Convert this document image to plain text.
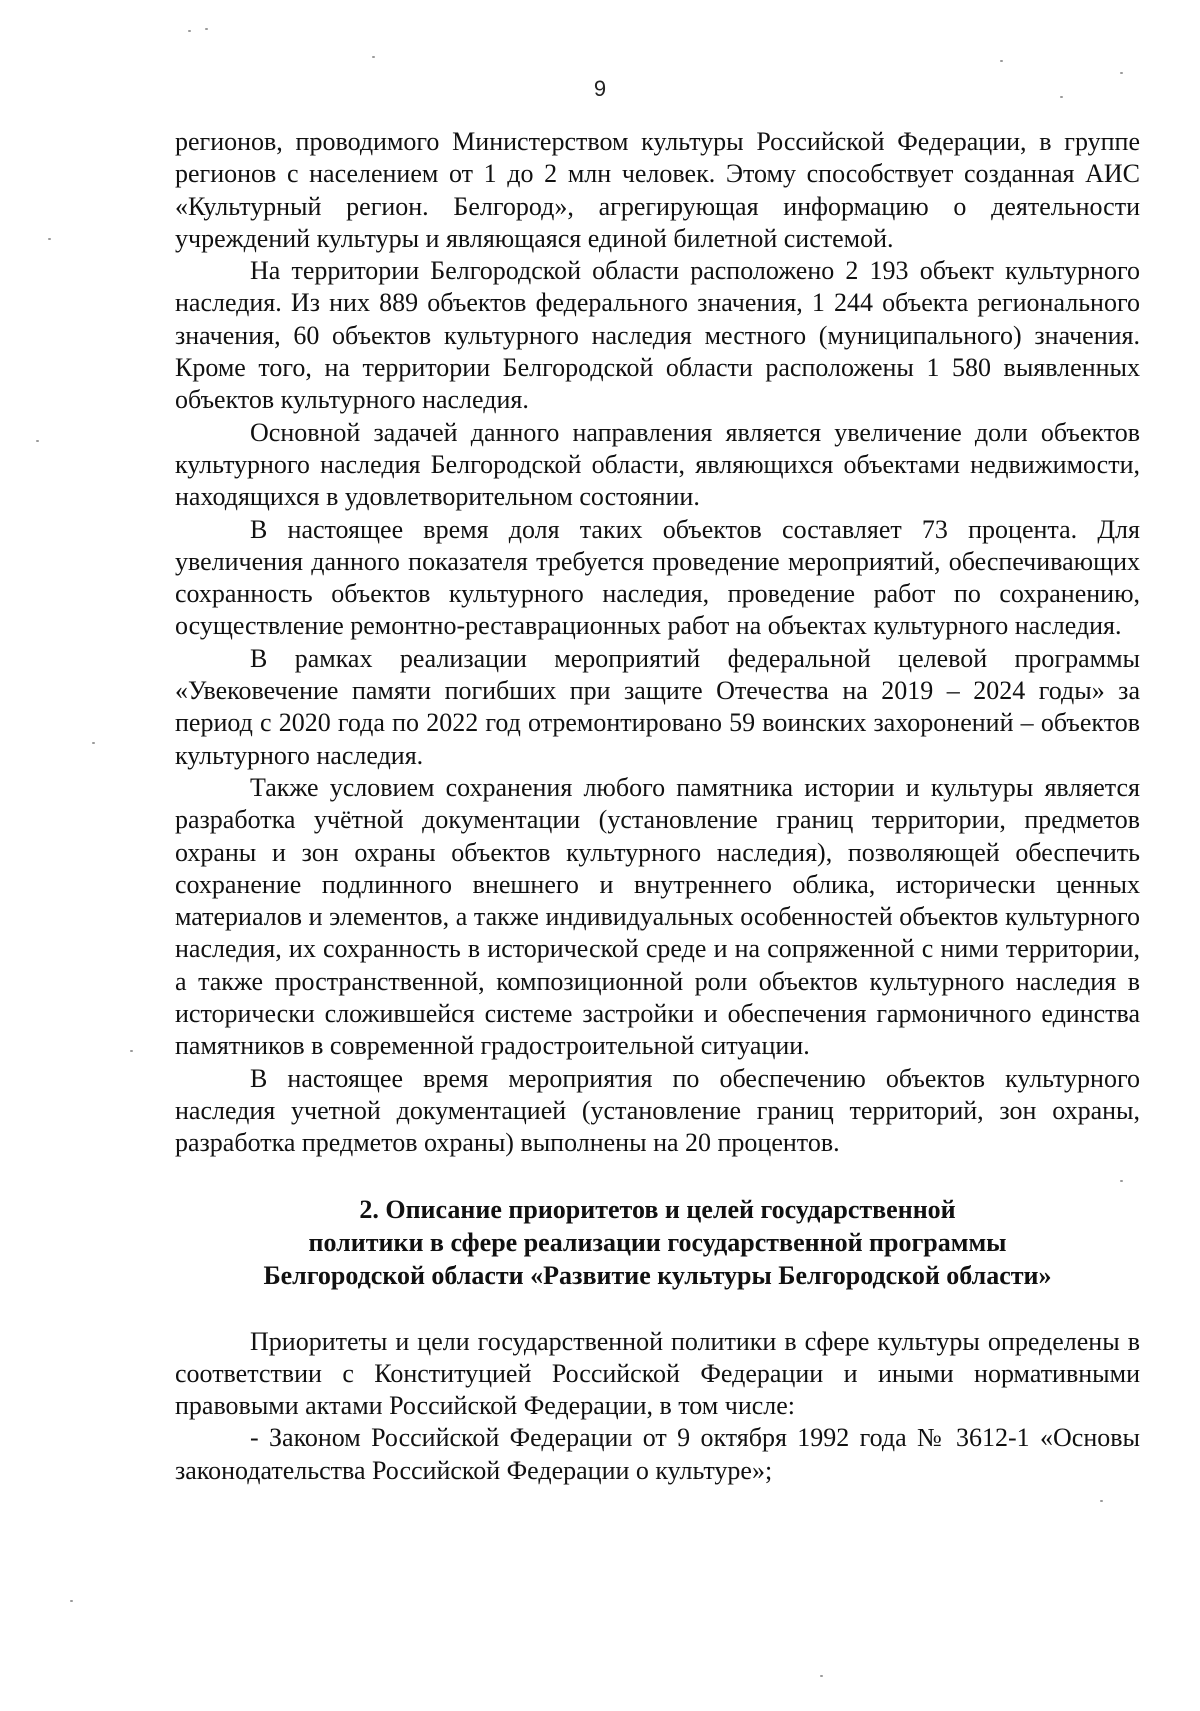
9

регионов, проводимого Министерством культуры Российской Федерации, в группе регионов с населением от 1 до 2 млн человек. Этому способствует созданная АИС «Культурный регион. Белгород», агрегирующая информацию о деятельности учреждений культуры и являющаяся единой билетной системой.

На территории Белгородской области расположено 2 193 объект культурного наследия. Из них 889 объектов федерального значения, 1 244 объекта регионального значения, 60 объектов культурного наследия местного (муниципального) значения. Кроме того, на территории Белгородской области расположены 1 580 выявленных объектов культурного наследия.

Основной задачей данного направления является увеличение доли объектов культурного наследия Белгородской области, являющихся объектами недвижимости, находящихся в удовлетворительном состоянии.

В настоящее время доля таких объектов составляет 73 процента. Для увеличения данного показателя требуется проведение мероприятий, обеспечивающих сохранность объектов культурного наследия, проведение работ по сохранению, осуществление ремонтно-реставрационных работ на объектах культурного наследия.

В рамках реализации мероприятий федеральной целевой программы «Увековечение памяти погибших при защите Отечества на 2019 – 2024 годы» за период с 2020 года по 2022 год отремонтировано 59 воинских захоронений – объектов культурного наследия.

Также условием сохранения любого памятника истории и культуры является разработка учётной документации (установление границ территории, предметов охраны и зон охраны объектов культурного наследия), позволяющей обеспечить сохранение подлинного внешнего и внутреннего облика, исторически ценных материалов и элементов, а также индивидуальных особенностей объектов культурного наследия, их сохранность в исторической среде и на сопряженной с ними территории, а также пространственной, композиционной роли объектов культурного наследия в исторически сложившейся системе застройки и обеспечения гармоничного единства памятников в современной градостроительной ситуации.

В настоящее время мероприятия по обеспечению объектов культурного наследия учетной документацией (установление границ территорий, зон охраны, разработка предметов охраны) выполнены на 20 процентов.

2. Описание приоритетов и целей государственной
политики в сфере реализации государственной программы
Белгородской области «Развитие культуры Белгородской области»

Приоритеты и цели государственной политики в сфере культуры определены в соответствии с Конституцией Российской Федерации и иными нормативными правовыми актами Российской Федерации, в том числе:

- Законом Российской Федерации от 9 октября 1992 года № 3612-1 «Основы законодательства Российской Федерации о культуре»;
